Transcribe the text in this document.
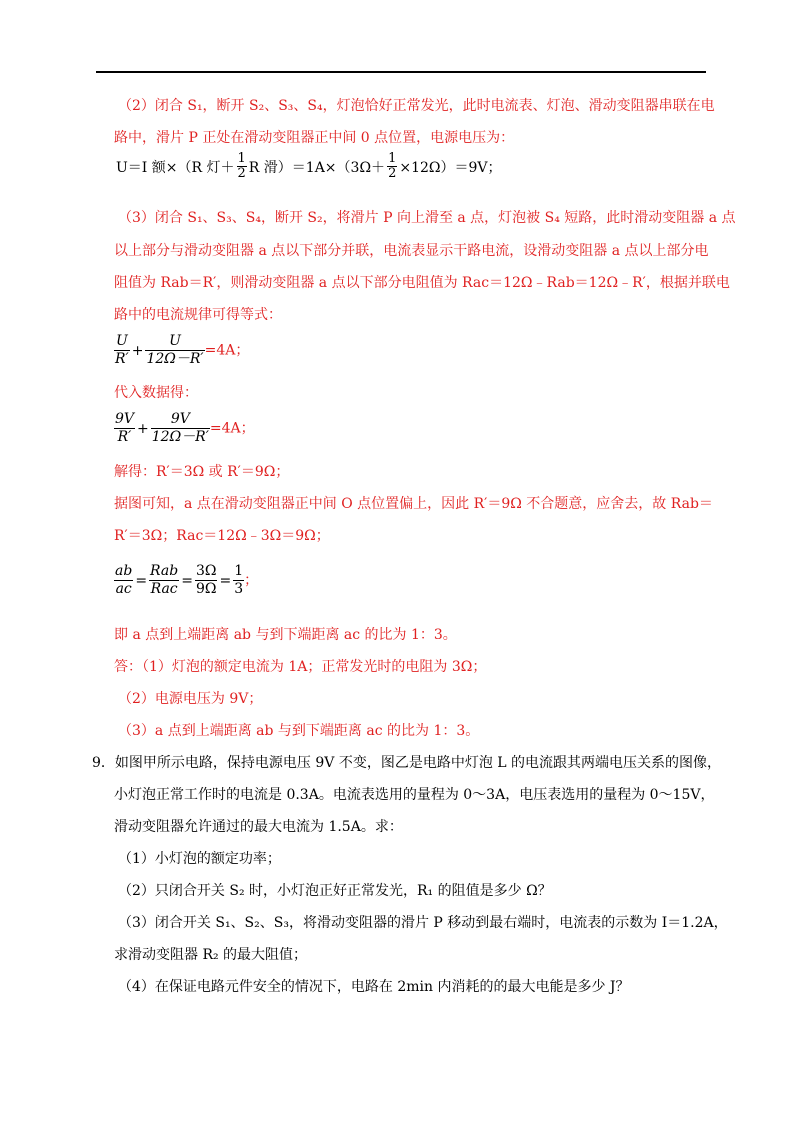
（2）闭合 S₁，断开 S₂、S₃、S₄，灯泡恰好正常发光，此时电流表、灯泡、滑动变阻器串联在电
路中，滑片 P 正处在滑动变阻器正中间 0 点位置，电源电压为：
U＝I 额×（R 灯＋ $\frac{1}{2}$ R 滑）$=1A\times(3\Omega+ \frac{1}{2} \times 12\Omega)=9V$；
（3）闭合 S₁、S₃、S₄，断开 S₂，将滑片 P 向上滑至 a 点，灯泡被 S₄ 短路，此时滑动变阻器 a 点
以上部分与滑动变阻器 a 点以下部分并联，电流表显示干路电流，设滑动变阻器 a 点以上部分电
阻值为 Rab＝R′，则滑动变阻器 a 点以下部分电阻值为 Rac＝12Ω﹣Rab＝12Ω﹣R′，根据并联电
路中的电流规律可得等式：
$\frac{U}{R'} + \frac{U}{12\Omega-R'} =4A$；
代入数据得：
$\frac{9V}{R'} + \frac{9V}{12\Omega-R'} =4A$；
解得：R′＝3Ω 或 R′＝9Ω；
据图可知，a 点在滑动变阻器正中间 O 点位置偏上，因此 R′＝9Ω 不合题意，应舍去，故 Rab＝
R′＝3Ω；Rac＝12Ω﹣3Ω＝9Ω；
$\frac{ab}{ac} = \frac{\text{Rab}}{\text{Rac}} = \frac{3\Omega}{9\Omega} = \frac{1}{3}$ ；
即 a 点到上端距离 ab 与到下端距离 ac 的比为 1：3。
答：（1）灯泡的额定电流为 1A；正常发光时的电阻为 3Ω；
（2）电源电压为 9V；
（3）a 点到上端距离 ab 与到下端距离 ac 的比为 1：3。
9．如图甲所示电路，保持电源电压 9V 不变，图乙是电路中灯泡 L 的电流跟其两端电压关系的图像，
小灯泡正常工作时的电流是 0.3A。电流表选用的量程为 0～3A，电压表选用的量程为 0～15V，
滑动变阻器允许通过的最大电流为 1.5A。求：
（1）小灯泡的额定功率；
（2）只闭合开关 S₂ 时，小灯泡正好正常发光，R₁ 的阻值是多少 Ω？
（3）闭合开关 S₁、S₂、S₃，将滑动变阻器的滑片 P 移动到最右端时，电流表的示数为 I＝1.2A，
求滑动变阻器 R₂ 的最大阻值；
（4）在保证电路元件安全的情况下，电路在 2min 内消耗的的最大电能是多少 J？
